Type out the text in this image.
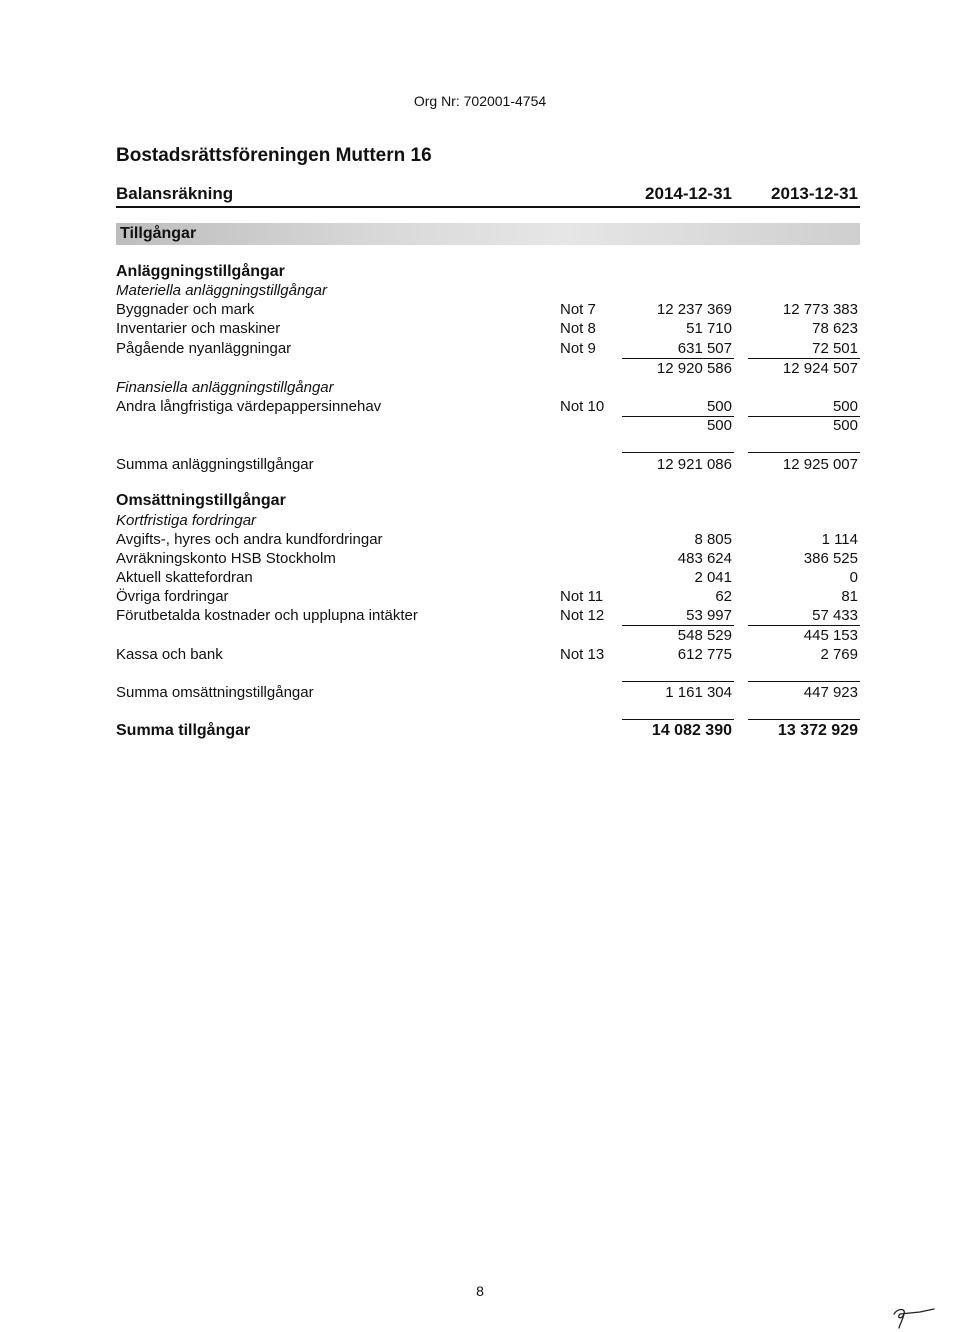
Org Nr: 702001-4754
Bostadsrättsföreningen Muttern 16
Balansräkning	2014-12-31 2013-12-31
Tillgångar
Anläggningstillgångar
Materiella anläggningstillgångar
Byggnader och mark	Not 7	12 237 369	12 773 383
Inventarier och maskiner	Not 8	51 710	78 623
Pågående nyanläggningar	Not 9	631 507	72 501
12 920 586	12 924 507
Finansiella anläggningstillgångar
Andra långfristiga värdepappersinnehav	Not 10	500	500
500	500
Summa anläggningstillgångar	12 921 086	12 925 007
Omsättningstillgångar
Kortfristiga fordringar
Avgifts-, hyres och andra kundfordringar	8 805	1 114
Avräkningskonto HSB Stockholm	483 624	386 525
Aktuell skattefordran	2 041	0
Övriga fordringar	Not 11	62	81
Förutbetalda kostnader och upplupna intäkter	Not 12	53 997	57 433
548 529	445 153
Kassa och bank	Not 13	612 775	2 769
Summa omsättningstillgångar	1 161 304	447 923
Summa tillgångar	14 082 390	13 372 929
8
